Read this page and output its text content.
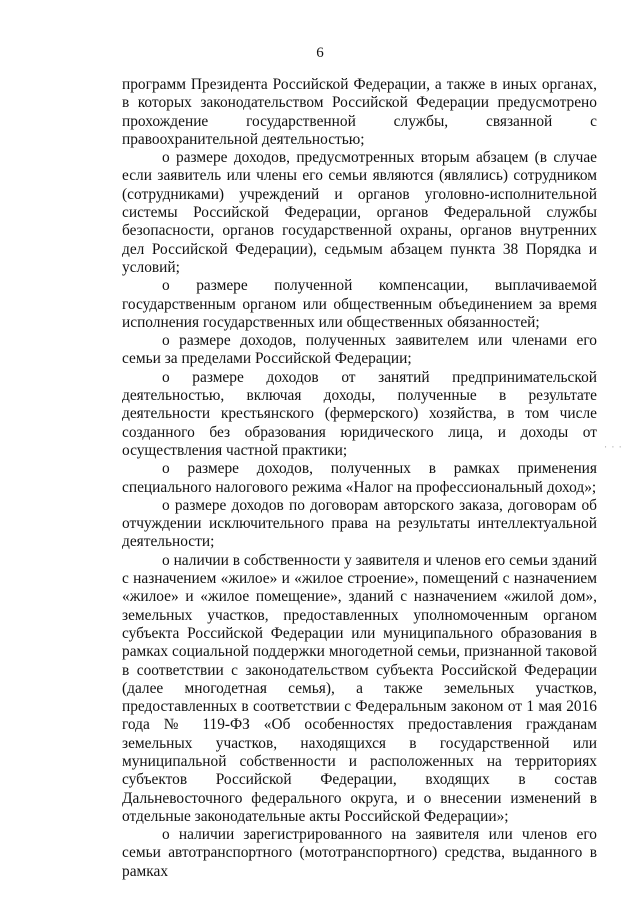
6

программ Президента Российской Федерации, а также в иных органах, в которых законодательством Российской Федерации предусмотрено прохождение государственной службы, связанной с правоохранительной деятельностью;

о размере доходов, предусмотренных вторым абзацем (в случае если заявитель или члены его семьи являются (являлись) сотрудником (сотрудниками) учреждений и органов уголовно-исполнительной системы Российской Федерации, органов Федеральной службы безопасности, органов государственной охраны, органов внутренних дел Российской Федерации), седьмым абзацем пункта 38 Порядка и условий;

о размере полученной компенсации, выплачиваемой государственным органом или общественным объединением за время исполнения государственных или общественных обязанностей;

о размере доходов, полученных заявителем или членами его семьи за пределами Российской Федерации;

о размере доходов от занятий предпринимательской деятельностью, включая доходы, полученные в результате деятельности крестьянского (фермерского) хозяйства, в том числе созданного без образования юридического лица, и доходы от осуществления частной практики;

о размере доходов, полученных в рамках применения специального налогового режима «Налог на профессиональный доход»;

о размере доходов по договорам авторского заказа, договорам об отчуждении исключительного права на результаты интеллектуальной деятельности;

о наличии в собственности у заявителя и членов его семьи зданий с назначением «жилое» и «жилое строение», помещений с назначением «жилое» и «жилое помещение», зданий с назначением «жилой дом», земельных участков, предоставленных уполномоченным органом субъекта Российской Федерации или муниципального образования в рамках социальной поддержки многодетной семьи, признанной таковой в соответствии с законодательством субъекта Российской Федерации (далее многодетная семья), а также земельных участков, предоставленных в соответствии с Федеральным законом от 1 мая 2016 года № 119-ФЗ «Об особенностях предоставления гражданам земельных участков, находящихся в государственной или муниципальной собственности и расположенных на территориях субъектов Российской Федерации, входящих в состав Дальневосточного федерального округа, и о внесении изменений в отдельные законодательные акты Российской Федерации»;

о наличии зарегистрированного на заявителя или членов его семьи автотранспортного (мототранспортного) средства, выданного в рамках

⋅ ⋅ ⋅
